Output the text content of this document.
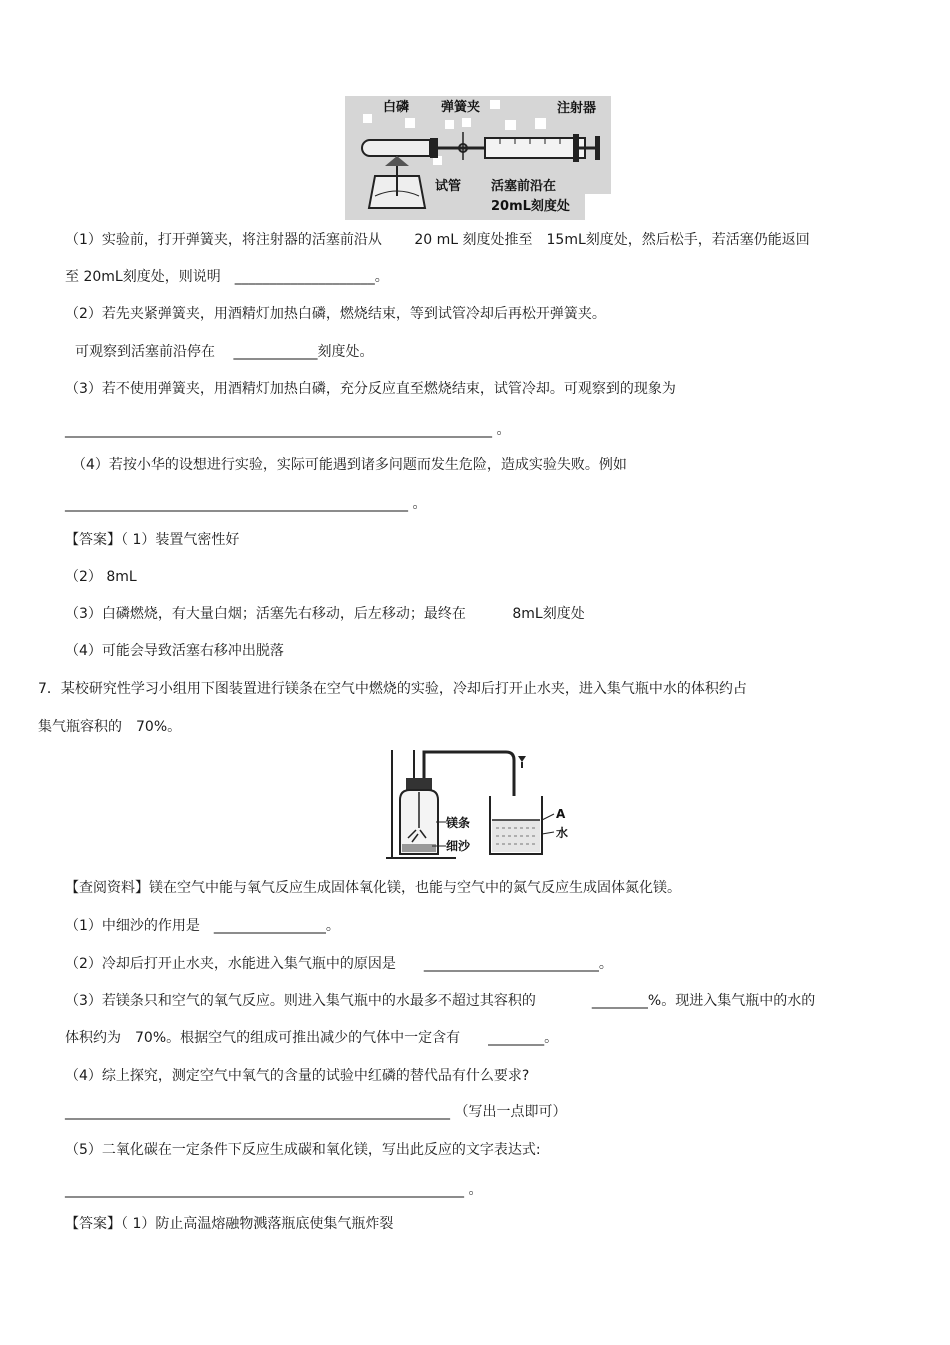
白磷 弹簧夹	注射器
试管 活塞前沿在
20mL刻度处
（1）实验前，打开弹簧夹，将注射器的活塞前沿从　　 20 mL 刻度处推至　15mL刻度处，然后松手，若活塞仍能返回
至 20mL刻度处，则说明　____________________。
（2）若先夹紧弹簧夹，用酒精灯加热白磷，燃烧结束，等到试管冷却后再松开弹簧夹。
可观察到活塞前沿停在　 ____________刻度处。
（3）若不使用弹簧夹，用酒精灯加热白磷，充分反应直至燃烧结束，试管冷却。可观察到的现象为
_____________________________________________________________ 。
（4）若按小华的设想进行实验，实际可能遇到诸多问题而发生危险，造成实验失败。例如
_________________________________________________ 。
【答案】（ 1）装置气密性好
（2） 8mL
（3）白磷燃烧，有大量白烟；活塞先右移动，后左移动；最终在　　　 8mL刻度处
（4）可能会导致活塞右移冲出脱落
7．某校研究性学习小组用下图装置进行镁条在空气中燃烧的实验，冷却后打开止水夹，进入集气瓶中水的体积约占
集气瓶容积的　70%。
镁条
细沙
A
水
【查阅资料】镁在空气中能与氧气反应生成固体氧化镁，也能与空气中的氮气反应生成固体氮化镁。
（1）中细沙的作用是　________________。
（2）冷却后打开止水夹，水能进入集气瓶中的原因是　　_________________________。
（3）若镁条只和空气的氧气反应。则进入集气瓶中的水最多不超过其容积的　　　　________%。现进入集气瓶中的水的
体积约为　70%。根据空气的组成可推出减少的气体中一定含有　　________。
（4）综上探究，测定空气中氧气的含量的试验中红磷的替代品有什么要求?
_______________________________________________________ （写出一点即可）
（5）二氧化碳在一定条件下反应生成碳和氧化镁，写出此反应的文字表达式:
_________________________________________________________ 。
【答案】（ 1）防止高温熔融物溅落瓶底使集气瓶炸裂
